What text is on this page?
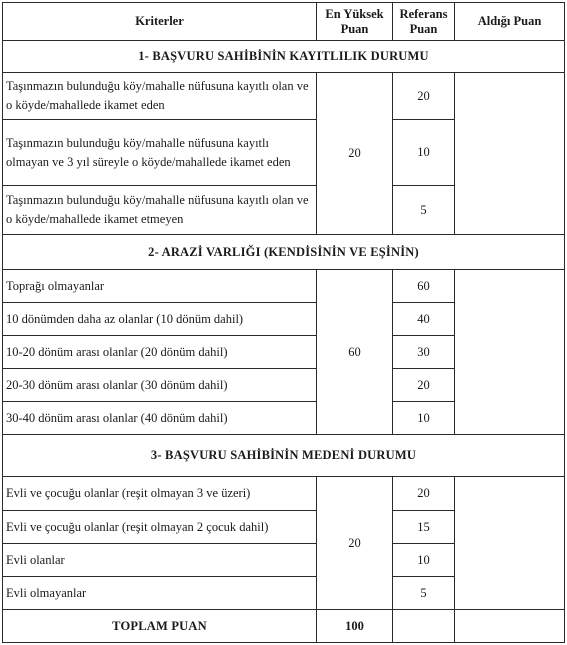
Kriterler	En Yüksek Puan	Referans Puan	Aldığı Puan
1- BAŞVURU SAHİBİNİN KAYITLILIK DURUMU			
Taşınmazın bulunduğu köy/mahalle nüfusuna kayıtlı olan ve o köyde/mahallede ikamet eden	20	20	
Taşınmazın bulunduğu köy/mahalle nüfusuna kayıtlı olmayan ve 3 yıl süreyle o köyde/mahallede ikamet eden		10	
Taşınmazın bulunduğu köy/mahalle nüfusuna kayıtlı olan ve o köyde/mahallede ikamet etmeyen		5	
2- ARAZİ VARLIĞI (KENDİSİNİN VE EŞİNİN)			
Toprağı olmayanlar	60	60	
10 dönümden daha az olanlar (10 dönüm dahil)		40	
10-20 dönüm arası olanlar (20 dönüm dahil)		30	
20-30 dönüm arası olanlar (30 dönüm dahil)		20	
30-40 dönüm arası olanlar (40 dönüm dahil)		10	
3- BAŞVURU SAHİBİNİN MEDENİ DURUMU			
Evli ve çocuğu olanlar (reşit olmayan 3 ve üzeri)	20	20	
Evli ve çocuğu olanlar (reşit olmayan 2 çocuk dahil)		15	
Evli olanlar		10	
Evli olmayanlar		5	
TOPLAM PUAN	100		
